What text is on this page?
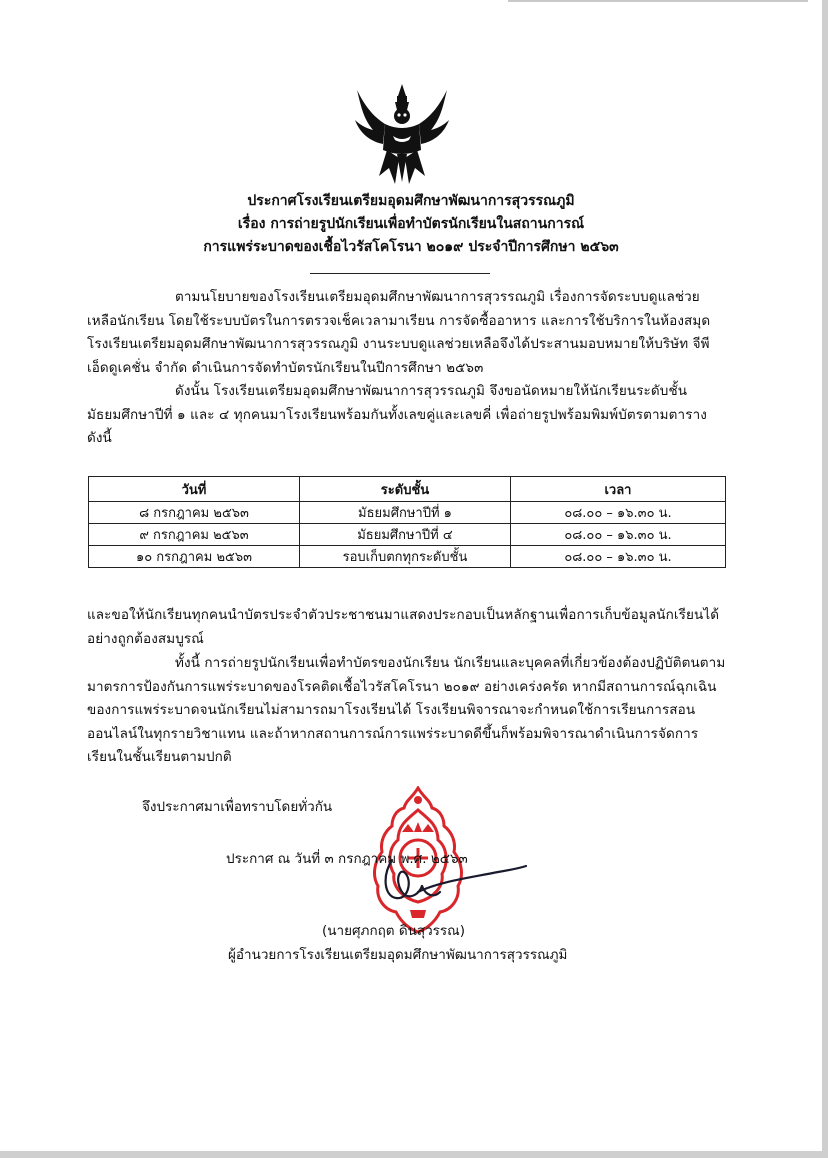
ประกาศโรงเรียนเตรียมอุดมศึกษาพัฒนาการสุวรรณภูมิ
เรื่อง การถ่ายรูปนักเรียนเพื่อทำบัตรนักเรียนในสถานการณ์
การแพร่ระบาดของเชื้อไวรัสโคโรนา ๒๐๑๙ ประจำปีการศึกษา ๒๕๖๓
ตามนโยบายของโรงเรียนเตรียมอุดมศึกษาพัฒนาการสุวรรณภูมิ เรื่องการจัดระบบดูแลช่วยเหลือนักเรียน โดยใช้ระบบบัตรในการตรวจเช็คเวลามาเรียน การจัดซื้ออาหาร และการใช้บริการในห้องสมุด โรงเรียนเตรียมอุดมศึกษาพัฒนาการสุวรรณภูมิ งานระบบดูแลช่วยเหลือจึงได้ประสานมอบหมายให้บริษัท จีพี เอ็ดดูเคชั่น จำกัด ดำเนินการจัดทำบัตรนักเรียนในปีการศึกษา ๒๕๖๓
ดังนั้น โรงเรียนเตรียมอุดมศึกษาพัฒนาการสุวรรณภูมิ จึงขอนัดหมายให้นักเรียนระดับชั้นมัธยมศึกษาปีที่ ๑ และ ๔ ทุกคนมาโรงเรียนพร้อมกันทั้งเลขคู่และเลขคี่ เพื่อถ่ายรูปพร้อมพิมพ์บัตรตามตารางดังนี้
วันที่	ระดับชั้น	เวลา
๘ กรกฎาคม ๒๕๖๓	มัธยมศึกษาปีที่ ๑	๐๘.๐๐ – ๑๖.๓๐ น.
๙ กรกฎาคม ๒๕๖๓	มัธยมศึกษาปีที่ ๔	๐๘.๐๐ – ๑๖.๓๐ น.
๑๐ กรกฎาคม ๒๕๖๓	รอบเก็บตกทุกระดับชั้น	๐๘.๐๐ – ๑๖.๓๐ น.
และขอให้นักเรียนทุกคนนำบัตรประจำตัวประชาชนมาแสดงประกอบเป็นหลักฐานเพื่อการเก็บข้อมูลนักเรียนได้อย่างถูกต้องสมบูรณ์
ทั้งนี้ การถ่ายรูปนักเรียนเพื่อทำบัตรของนักเรียน นักเรียนและบุคคลที่เกี่ยวข้องต้องปฏิบัติตนตามมาตรการป้องกันการแพร่ระบาดของโรคติดเชื้อไวรัสโคโรนา ๒๐๑๙ อย่างเคร่งครัด หากมีสถานการณ์ฉุกเฉินของการแพร่ระบาดจนนักเรียนไม่สามารถมาโรงเรียนได้ โรงเรียนพิจารณาจะกำหนดใช้การเรียนการสอนออนไลน์ในทุกรายวิชาแทน และถ้าหากสถานการณ์การแพร่ระบาดดีขึ้นก็พร้อมพิจารณาดำเนินการจัดการเรียนในชั้นเรียนตามปกติ
จึงประกาศมาเพื่อทราบโดยทั่วกัน
ประกาศ ณ วันที่ ๓ กรกฎาคม พ.ศ. ๒๕๖๓
(นายศุภกฤต ดินสุวรรณ)
ผู้อำนวยการโรงเรียนเตรียมอุดมศึกษาพัฒนาการสุวรรณภูมิ
